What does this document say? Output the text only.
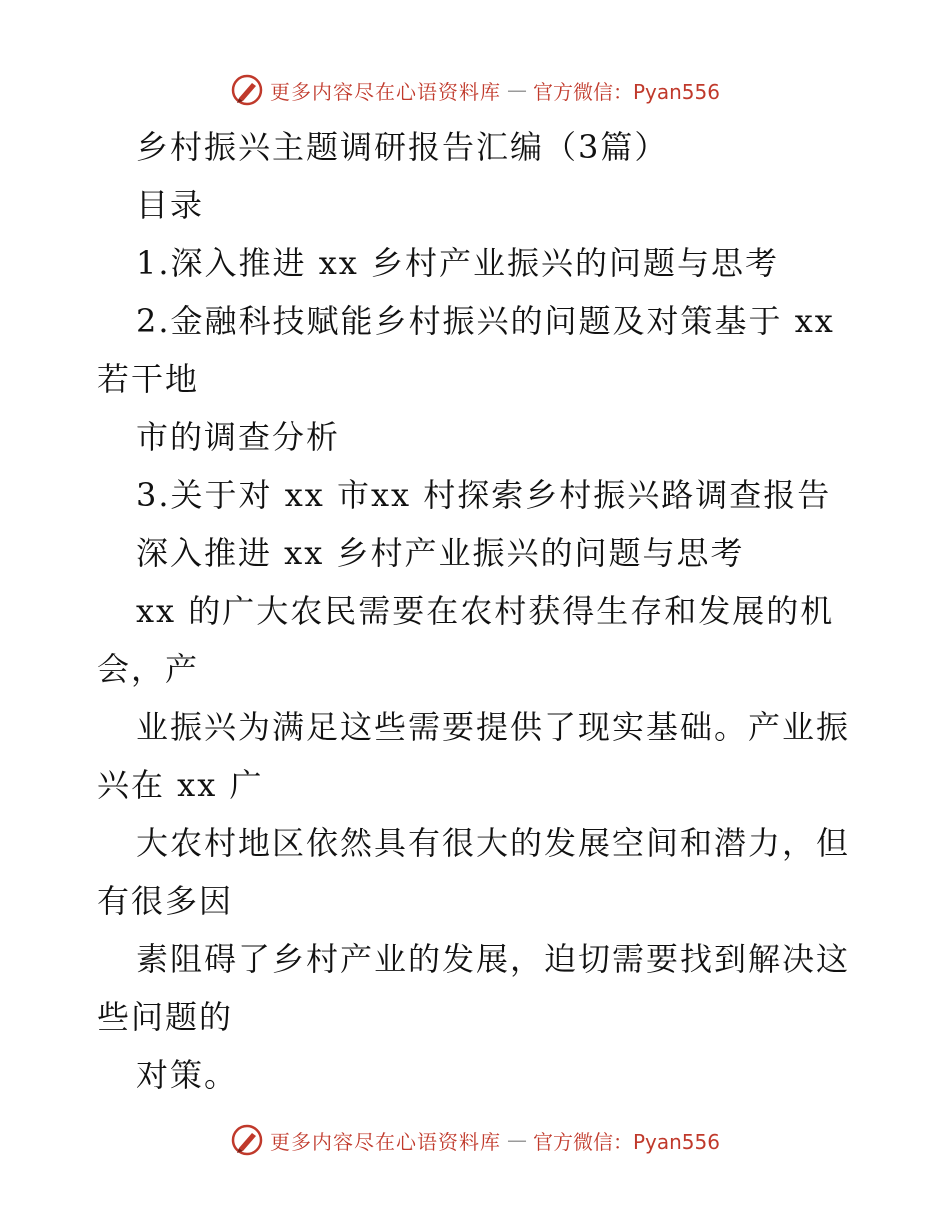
更多内容尽在心语资料库 — 官方微信：Pyan556
乡村振兴主题调研报告汇编（3篇）
目录
1.深入推进 xx 乡村产业振兴的问题与思考
2.金融科技赋能乡村振兴的问题及对策基于 xx
若干地
市的调查分析
3.关于对 xx 市xx 村探索乡村振兴路调查报告
深入推进 xx 乡村产业振兴的问题与思考
xx 的广大农民需要在农村获得生存和发展的机
会，产
业振兴为满足这些需要提供了现实基础。产业振
兴在 xx 广
大农村地区依然具有很大的发展空间和潜力，但
有很多因
素阻碍了乡村产业的发展，迫切需要找到解决这
些问题的
对策。
更多内容尽在心语资料库 — 官方微信：Pyan556
